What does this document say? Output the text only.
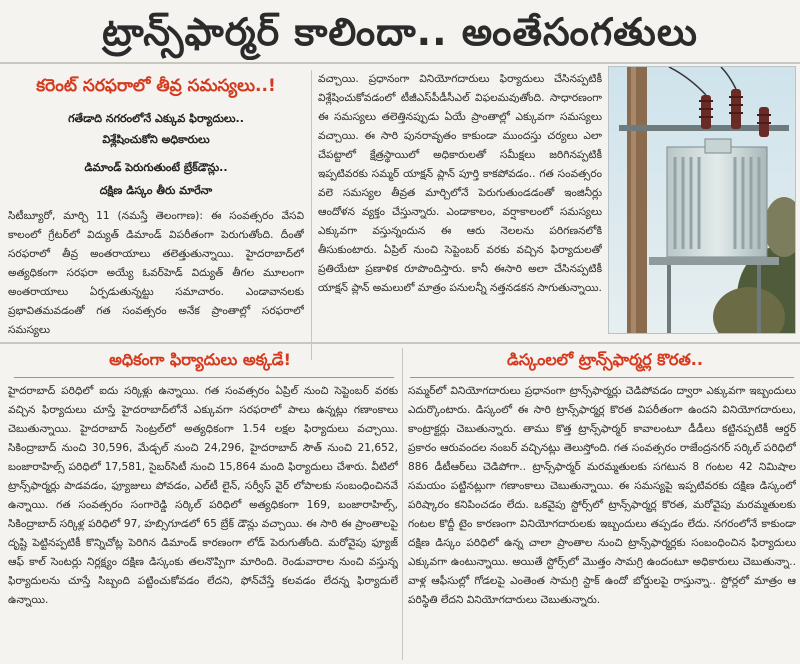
ట్రాన్స్‌ఫార్మర్ కాలిందా.. అంతేసంగతులు
కరెంట్ సరఫరాలో తీవ్ర సమస్యలు..!
గతేడాది నగరంలోనే ఎక్కువ ఫిర్యాదులు..
విశ్లేషించుకోని అధికారులు
డిమాండ్ పెరుగుతుంటే బ్రేక్‌డౌన్లు..
దక్షిణ డిస్కం తీరు మారేనా

సిటీబ్యూరో, మార్చి 11 (నమస్తే తెలంగాణ): ఈ సంవత్సరం వేసవి కాలంలో గ్రేటర్‌లో విద్యుత్ డిమాండ్ విపరీతంగా పెరుగుతోంది. దీంతో సరఫరాలో తీవ్ర అంతరాయాలు తలెత్తుతున్నాయి. హైదరాబాద్‌లో అత్యధికంగా సరఫరా అయ్యే ఓవర్‌హెడ్ విద్యుత్ తీగల మూలంగా అంతరాయాలు ఏర్పడుతున్నట్టు సమాచారం. ఎండావానలకు ప్రభావితమవడంతో గత సంవత్సరం అనేక ప్రాంతాల్లో సరఫరాలో సమస్యలు

వచ్చాయి. ప్రధానంగా వినియోగదారులు ఫిర్యాదులు చేసినప్పటికీ విశ్లేషించుకోవడంలో టీజీఎస్‌పీడీసీఎల్ విఫలమవుతోంది. సాధారణంగా ఈ సమస్యలు తలెత్తినప్పుడు ఏయే ప్రాంతాల్లో ఎక్కువగా సమస్యలు వచ్చాయి. ఈ సారి పునరావృతం కాకుండా ముందస్తు చర్యలు ఎలా చేపట్టాలో క్షేత్రస్థాయిలో అధికారులతో సమీక్షలు జరిగినప్పటికీ ఇప్పటివరకు సమ్మర్ యాక్షన్ ప్లాన్ పూర్తి కాకపోవడం.. గత సంవత్సరం వలె సమస్యల తీవ్రత మార్చిలోనే పెరుగుతుండడంతో ఇంజినీర్లు ఆందోళన వ్యక్తం చేస్తున్నారు. ఎండాకాలం, వర్షాకాలంలో సమస్యలు ఎక్కువగా వస్తున్నందున ఈ ఆరు నెలలను పరిగణనలోకి తీసుకుంటారు. ఏప్రిల్ నుంచి సెప్టెంబర్ వరకు వచ్చిన ఫిర్యాదులతో ప్రతియేటా ప్రణాళిక రూపొందిస్తారు. కానీ ఈసారి అలా చేసినప్పటికీ యాక్షన్ ప్లాన్ అమలులో మాత్రం పనులన్నీ నత్తనడకన సాగుతున్నాయి.

అధికంగా ఫిర్యాదులు అక్కడే!

హైదరాబాద్ పరిధిలో ఐదు సర్కిళ్లు ఉన్నాయి. గత సంవత్సరం ఏప్రిల్ నుంచి సెప్టెంబర్ వరకు వచ్చిన ఫిర్యాదులు చూస్తే హైదరాబాద్‌లోనే ఎక్కువగా సరఫరాలో పాలు ఉన్నట్లు గణాంకాలు చెబుతున్నాయి. హైదరాబాద్ సెంట్రల్‌లో అత్యధికంగా 1.54 లక్షల ఫిర్యాదులు వచ్చాయి. సికింద్రాబాద్ నుంచి 30,596, మేడ్చల్ నుంచి 24,296, హైదరాబాద్ సౌత్ నుంచి 21,652, బంజారాహిల్స్ పరిధిలో 17,581, సైబర్‌సిటీ నుంచి 15,864 మంది ఫిర్యాదులు చేశారు. వీటిలో ట్రాన్స్‌ఫార్మర్లు పాడవడం, ఫ్యూజులు పోవడం, ఎల్‌టీ లైన్, సర్వీస్ వైర్ లోపాలకు సంబంధించినవే ఉన్నాయి. గత సంవత్సరం సంగారెడ్డి సర్కిల్ పరిధిలో అత్యధికంగా 169, బంజారాహిల్స్, సికింద్రాబాద్ సర్కిళ్ల పరిధిలో 97, హబ్సిగూడలో 65 బ్రేక్ డౌన్లు వచ్చాయి. ఈ సారి ఈ ప్రాంతాలపై దృష్టి పెట్టినప్పటికీ కొన్నిచోట్ల పెరిగిన డిమాండ్ కారణంగా లోడ్ పెరుగుతోంది. మరోవైపు ఫ్యూజ్ ఆఫ్ కాల్ సెంటర్లు నిర్లక్ష్యం దక్షిణ డిస్కంకు తలనొప్పిగా మారింది. రెండువారాల నుంచి వస్తున్న ఫిర్యాదులను చూస్తే సిబ్బంది పట్టించుకోవడం లేదని, ఫోన్‌చేస్తే కలవడం లేదన్న ఫిర్యాదులే ఉన్నాయి.

డిస్కంలలో ట్రాన్స్‌ఫార్మర్ల కొరత..

సమ్మర్‌లో వినియోగదారులు ప్రధానంగా ట్రాన్స్‌ఫార్మర్లు చెడిపోవడం ద్వారా ఎక్కువగా ఇబ్బందులు ఎదుర్కొంటారు. డిస్కంలో ఈ సారి ట్రాన్స్‌ఫార్మర్ల కొరత విపరీతంగా ఉందని వినియోగదారులు, కాంట్రాక్టర్లు చెబుతున్నారు. తాము కొత్త ట్రాన్స్‌ఫార్మర్ కావాలంటూ డీడీలు కట్టినప్పటికీ ఆర్డర్ ప్రకారం ఆరువందల నంబర్ వచ్చినట్లు తెలుస్తోంది. గత సంవత్సరం రాజేంద్రనగర్ సర్కిల్ పరిధిలో 886 డీటీఆర్‌లు చెడిపోగా.. ట్రాన్స్‌ఫార్మర్ మరమ్మతులకు సగటున 8 గంటల 42 నిమిషాల సమయం పట్టినట్లుగా గణాంకాలు చెబుతున్నాయి. ఈ సమస్యపై ఇప్పటివరకు దక్షిణ డిస్కంలో పరిష్కారం కనిపించడం లేదు. ఒకవైపు స్టోర్స్‌లో ట్రాన్స్‌ఫార్మర్ల కొరత, మరోవైపు మరమ్మతులకు గంటల కొద్దీ టైం కారణంగా వినియోగదారులకు ఇబ్బందులు తప్పడం లేదు. నగరంలోనే కాకుండా దక్షిణ డిస్కం పరిధిలో ఉన్న చాలా ప్రాంతాల నుంచి ట్రాన్స్‌ఫార్మర్లకు సంబంధించిన ఫిర్యాదులు ఎక్కువగా ఉంటున్నాయి. అయితే స్టోర్స్‌లో మొత్తం సామగ్రి ఉందంటూ అధికారులు చెబుతున్నా.. వాళ్ల ఆఫీసుల్లో గోడలపై ఎంతెంత సామగ్రి స్టాక్ ఉందో బోర్డులపై రాస్తున్నా.. స్టోర్లలో మాత్రం ఆ పరిస్థితి లేదని వినియోగదారులు చెబుతున్నారు.
